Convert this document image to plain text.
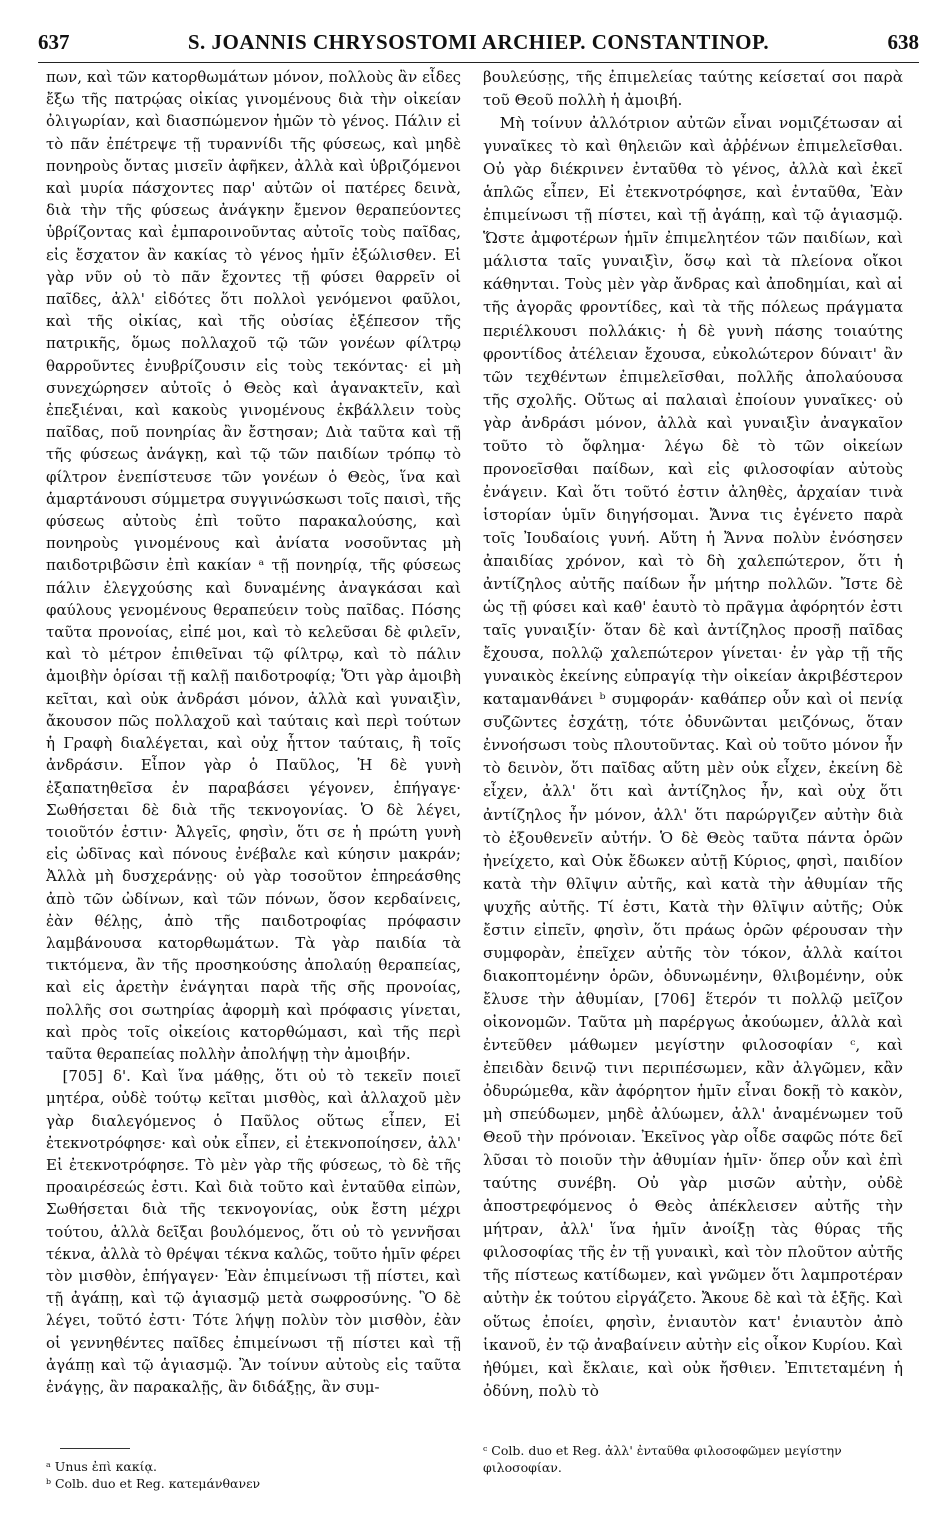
637	S. JOANNIS CHRYSOSTOMI ARCHIEP. CONSTANTINOP.	638

πων, καὶ τῶν κατορθωμάτων μόνον, πολλοὺς ἂν εἶδες ἔξω τῆς πατρῴας οἰκίας γινομένους διὰ τὴν οἰκείαν ὀλιγωρίαν, καὶ διασπώμενον ἡμῶν τὸ γένος. Πάλιν εἰ τὸ πᾶν ἐπέτρεψε τῇ τυραννίδι τῆς φύσεως, καὶ μηδὲ πονηροὺς ὄντας μισεῖν ἀφῆκεν, ἀλλὰ καὶ ὑβριζόμενοι καὶ μυρία πάσχοντες παρ' αὐτῶν οἱ πατέρες δεινὰ, διὰ τὴν τῆς φύσεως ἀνάγκην ἔμενον θεραπεύοντες ὑβρίζοντας καὶ ἐμπαροινοῦντας αὐτοῖς τοὺς παῖδας, εἰς ἔσχατον ἂν κακίας τὸ γένος ἡμῖν ἐξώλισθεν. Εἰ γὰρ νῦν οὐ τὸ πᾶν ἔχοντες τῇ φύσει θαρρεῖν οἱ παῖδες, ἀλλ' εἰδότες ὅτι πολλοὶ γενόμενοι φαῦλοι, καὶ τῆς οἰκίας, καὶ τῆς οὐσίας ἐξέπεσον τῆς πατρικῆς, ὅμως πολλαχοῦ τῷ τῶν γονέων φίλτρῳ θαρροῦντες ἐνυβρίζουσιν εἰς τοὺς τεκόντας· εἰ μὴ συνεχώρησεν αὐτοῖς ὁ Θεὸς καὶ ἀγανακτεῖν, καὶ ἐπεξιέναι, καὶ κακοὺς γινομένους ἐκβάλλειν τοὺς παῖδας, ποῦ πονηρίας ἂν ἔστησαν; Διὰ ταῦτα καὶ τῇ τῆς φύσεως ἀνάγκῃ, καὶ τῷ τῶν παιδίων τρόπῳ τὸ φίλτρον ἐνεπίστευσε τῶν γονέων ὁ Θεὸς, ἵνα καὶ ἁμαρτάνουσι σύμμετρα συγγινώσκωσι τοῖς παισὶ, τῆς φύσεως αὐτοὺς ἐπὶ τοῦτο παρακαλούσης, καὶ πονηροὺς γινομένους καὶ ἀνίατα νοσοῦντας μὴ παιδοτριβῶσιν ἐπὶ κακίαν ᵃ τῇ πονηρίᾳ, τῆς φύσεως πάλιν ἐλεγχούσης καὶ δυναμένης ἀναγκάσαι καὶ φαύλους γενομένους θεραπεύειν τοὺς παῖδας. Πόσης ταῦτα προνοίας, εἰπέ μοι, καὶ τὸ κελεῦσαι δὲ φιλεῖν, καὶ τὸ μέτρον ἐπιθεῖναι τῷ φίλτρῳ, καὶ τὸ πάλιν ἀμοιβὴν ὁρίσαι τῇ καλῇ παιδοτροφίᾳ; Ὅτι γὰρ ἀμοιβὴ κεῖται, καὶ οὐκ ἀνδράσι μόνον, ἀλλὰ καὶ γυναιξὶν, ἄκουσον πῶς πολλαχοῦ καὶ ταύταις καὶ περὶ τούτων ἡ Γραφὴ διαλέγεται, καὶ οὐχ ἧττον ταύταις, ἢ τοῖς ἀνδράσιν. Εἶπον γὰρ ὁ Παῦλος, Ἡ δὲ γυνὴ ἐξαπατηθεῖσα ἐν παραβάσει γέγονεν, ἐπήγαγε· Σωθήσεται δὲ διὰ τῆς τεκνογονίας. Ὁ δὲ λέγει, τοιοῦτόν ἐστιν· Ἀλγεῖς, φησὶν, ὅτι σε ἡ πρώτη γυνὴ εἰς ὠδῖνας καὶ πόνους ἐνέβαλε καὶ κύησιν μακράν; Ἀλλὰ μὴ δυσχεράνῃς· οὐ γὰρ τοσοῦτον ἐπηρεάσθης ἀπὸ τῶν ὠδίνων, καὶ τῶν πόνων, ὅσον κερδαίνεις, ἐὰν θέλῃς, ἀπὸ τῆς παιδοτροφίας πρόφασιν λαμβάνουσα κατορθωμάτων. Τὰ γὰρ παιδία τὰ τικτόμενα, ἂν τῆς προσηκούσης ἀπολαύῃ θεραπείας, καὶ εἰς ἀρετὴν ἐνάγηται παρὰ τῆς σῆς προνοίας, πολλῆς σοι σωτηρίας ἀφορμὴ καὶ πρόφασις γίνεται, καὶ πρὸς τοῖς οἰκείοις κατορθώμασι, καὶ τῆς περὶ ταῦτα θεραπείας πολλὴν ἀπολήψῃ τὴν ἀμοιβήν.

[705] δ'. Καὶ ἵνα μάθῃς, ὅτι οὐ τὸ τεκεῖν ποιεῖ μητέρα, οὐδὲ τούτῳ κεῖται μισθὸς, καὶ ἀλλαχοῦ μὲν γὰρ διαλεγόμενος ὁ Παῦλος οὕτως εἶπεν, Εἰ ἐτεκνοτρόφησε· καὶ οὐκ εἶπεν, εἰ ἐτεκνοποίησεν, ἀλλ' Εἰ ἐτεκνοτρόφησε. Τὸ μὲν γὰρ τῆς φύσεως, τὸ δὲ τῆς προαιρέσεώς ἐστι. Καὶ διὰ τοῦτο καὶ ἐνταῦθα εἰπὼν, Σωθήσεται διὰ τῆς τεκνογονίας, οὐκ ἔστη μέχρι τούτου, ἀλλὰ δεῖξαι βουλόμενος, ὅτι οὐ τὸ γεννῆσαι τέκνα, ἀλλὰ τὸ θρέψαι τέκνα καλῶς, τοῦτο ἡμῖν φέρει τὸν μισθὸν, ἐπήγαγεν· Ἐὰν ἐπιμείνωσι τῇ πίστει, καὶ τῇ ἀγάπῃ, καὶ τῷ ἁγιασμῷ μετὰ σωφροσύνης. Ὃ δὲ λέγει, τοῦτό ἐστι· Τότε λήψῃ πολὺν τὸν μισθὸν, ἐὰν οἱ γεννηθέντες παῖδες ἐπιμείνωσι τῇ πίστει καὶ τῇ ἀγάπῃ καὶ τῷ ἁγιασμῷ. Ἂν τοίνυν αὐτοὺς εἰς ταῦτα ἐνάγῃς, ἂν παρακαλῇς, ἂν διδάξῃς, ἂν συμ-

βουλεύσῃς, τῆς ἐπιμελείας ταύτης κείσεταί σοι παρὰ τοῦ Θεοῦ πολλὴ ἡ ἀμοιβή.

Μὴ τοίνυν ἀλλότριον αὐτῶν εἶναι νομιζέτωσαν αἱ γυναῖκες τὸ καὶ θηλειῶν καὶ ἀῤῥένων ἐπιμελεῖσθαι. Οὐ γὰρ διέκρινεν ἐνταῦθα τὸ γένος, ἀλλὰ καὶ ἐκεῖ ἁπλῶς εἶπεν, Εἰ ἐτεκνοτρόφησε, καὶ ἐνταῦθα, Ἐὰν ἐπιμείνωσι τῇ πίστει, καὶ τῇ ἀγάπῃ, καὶ τῷ ἁγιασμῷ. Ὥστε ἀμφοτέρων ἡμῖν ἐπιμελητέον τῶν παιδίων, καὶ μάλιστα ταῖς γυναιξὶν, ὅσῳ καὶ τὰ πλείονα οἴκοι κάθηνται. Τοὺς μὲν γὰρ ἄνδρας καὶ ἀποδημίαι, καὶ αἱ τῆς ἀγορᾶς φροντίδες, καὶ τὰ τῆς πόλεως πράγματα περιέλκουσι πολλάκις· ἡ δὲ γυνὴ πάσης τοιαύτης φροντίδος ἀτέλειαν ἔχουσα, εὐκολώτερον δύναιτ' ἂν τῶν τεχθέντων ἐπιμελεῖσθαι, πολλῆς ἀπολαύουσα τῆς σχολῆς. Οὕτως αἱ παλαιαὶ ἐποίουν γυναῖκες· οὐ γὰρ ἀνδράσι μόνον, ἀλλὰ καὶ γυναιξὶν ἀναγκαῖον τοῦτο τὸ ὄφλημα· λέγω δὲ τὸ τῶν οἰκείων προνοεῖσθαι παίδων, καὶ εἰς φιλοσοφίαν αὐτοὺς ἐνάγειν. Καὶ ὅτι τοῦτό ἐστιν ἀληθὲς, ἀρχαίαν τινὰ ἱστορίαν ὑμῖν διηγήσομαι. Ἄννα τις ἐγένετο παρὰ τοῖς Ἰουδαίοις γυνή. Αὕτη ἡ Ἄννα πολὺν ἐνόσησεν ἀπαιδίας χρόνον, καὶ τὸ δὴ χαλεπώτερον, ὅτι ἡ ἀντίζηλος αὐτῆς παίδων ἦν μήτηρ πολλῶν. Ἴστε δὲ ὡς τῇ φύσει καὶ καθ' ἑαυτὸ τὸ πρᾶγμα ἀφόρητόν ἐστι ταῖς γυναιξίν· ὅταν δὲ καὶ ἀντίζηλος προσῇ παῖδας ἔχουσα, πολλῷ χαλεπώτερον γίνεται· ἐν γὰρ τῇ τῆς γυναικὸς ἐκείνης εὐπραγίᾳ τὴν οἰκείαν ἀκριβέστερον καταμανθάνει ᵇ συμφοράν· καθάπερ οὖν καὶ οἱ πενίᾳ συζῶντες ἐσχάτῃ, τότε ὀδυνῶνται μειζόνως, ὅταν ἐννοήσωσι τοὺς πλουτοῦντας. Καὶ οὐ τοῦτο μόνον ἦν τὸ δεινὸν, ὅτι παῖδας αὕτη μὲν οὐκ εἶχεν, ἐκείνη δὲ εἶχεν, ἀλλ' ὅτι καὶ ἀντίζηλος ἦν, καὶ οὐχ ὅτι ἀντίζηλος ἦν μόνον, ἀλλ' ὅτι παρώργιζεν αὐτὴν διὰ τὸ ἐξουθενεῖν αὐτήν. Ὁ δὲ Θεὸς ταῦτα πάντα ὁρῶν ἠνείχετο, καὶ Οὐκ ἔδωκεν αὐτῇ Κύριος, φησὶ, παιδίον κατὰ τὴν θλῖψιν αὐτῆς, καὶ κατὰ τὴν ἀθυμίαν τῆς ψυχῆς αὐτῆς. Τί ἐστι, Κατὰ τὴν θλῖψιν αὐτῆς; Οὐκ ἔστιν εἰπεῖν, φησὶν, ὅτι πράως ὁρῶν φέρουσαν τὴν συμφορὰν, ἐπεῖχεν αὐτῆς τὸν τόκον, ἀλλὰ καίτοι διακοπτομένην ὁρῶν, ὀδυνωμένην, θλιβομένην, οὐκ ἔλυσε τὴν ἀθυμίαν, [706] ἕτερόν τι πολλῷ μεῖζον οἰκονομῶν. Ταῦτα μὴ παρέργως ἀκούωμεν, ἀλλὰ καὶ ἐντεῦθεν μάθωμεν μεγίστην φιλοσοφίαν ᶜ, καὶ ἐπειδὰν δεινῷ τινι περιπέσωμεν, κἂν ἀλγῶμεν, κἂν ὀδυρώμεθα, κἂν ἀφόρητον ἡμῖν εἶναι δοκῇ τὸ κακὸν, μὴ σπεύδωμεν, μηδὲ ἀλύωμεν, ἀλλ' ἀναμένωμεν τοῦ Θεοῦ τὴν πρόνοιαν. Ἐκεῖνος γὰρ οἶδε σαφῶς πότε δεῖ λῦσαι τὸ ποιοῦν τὴν ἀθυμίαν ἡμῖν· ὅπερ οὖν καὶ ἐπὶ ταύτης συνέβη. Οὐ γὰρ μισῶν αὐτὴν, οὐδὲ ἀποστρεφόμενος ὁ Θεὸς ἀπέκλεισεν αὐτῆς τὴν μήτραν, ἀλλ' ἵνα ἡμῖν ἀνοίξῃ τὰς θύρας τῆς φιλοσοφίας τῆς ἐν τῇ γυναικὶ, καὶ τὸν πλοῦτον αὐτῆς τῆς πίστεως κατίδωμεν, καὶ γνῶμεν ὅτι λαμπροτέραν αὐτὴν ἐκ τούτου εἰργάζετο. Ἄκουε δὲ καὶ τὰ ἑξῆς. Καὶ οὕτως ἐποίει, φησὶν, ἐνιαυτὸν κατ' ἐνιαυτὸν ἀπὸ ἱκανοῦ, ἐν τῷ ἀναβαίνειν αὐτὴν εἰς οἶκον Κυρίου. Καὶ ἠθύμει, καὶ ἔκλαιε, καὶ οὐκ ἤσθιεν. Ἐπιτεταμένη ἡ ὀδύνη, πολὺ τὸ

ᵃ Unus ἐπὶ κακίᾳ.
ᵇ Colb. duo et Reg. κατεμάνθανεν
ᶜ Colb. duo et Reg. ἀλλ' ἐνταῦθα φιλοσοφῶμεν μεγίστην φιλοσοφίαν.
